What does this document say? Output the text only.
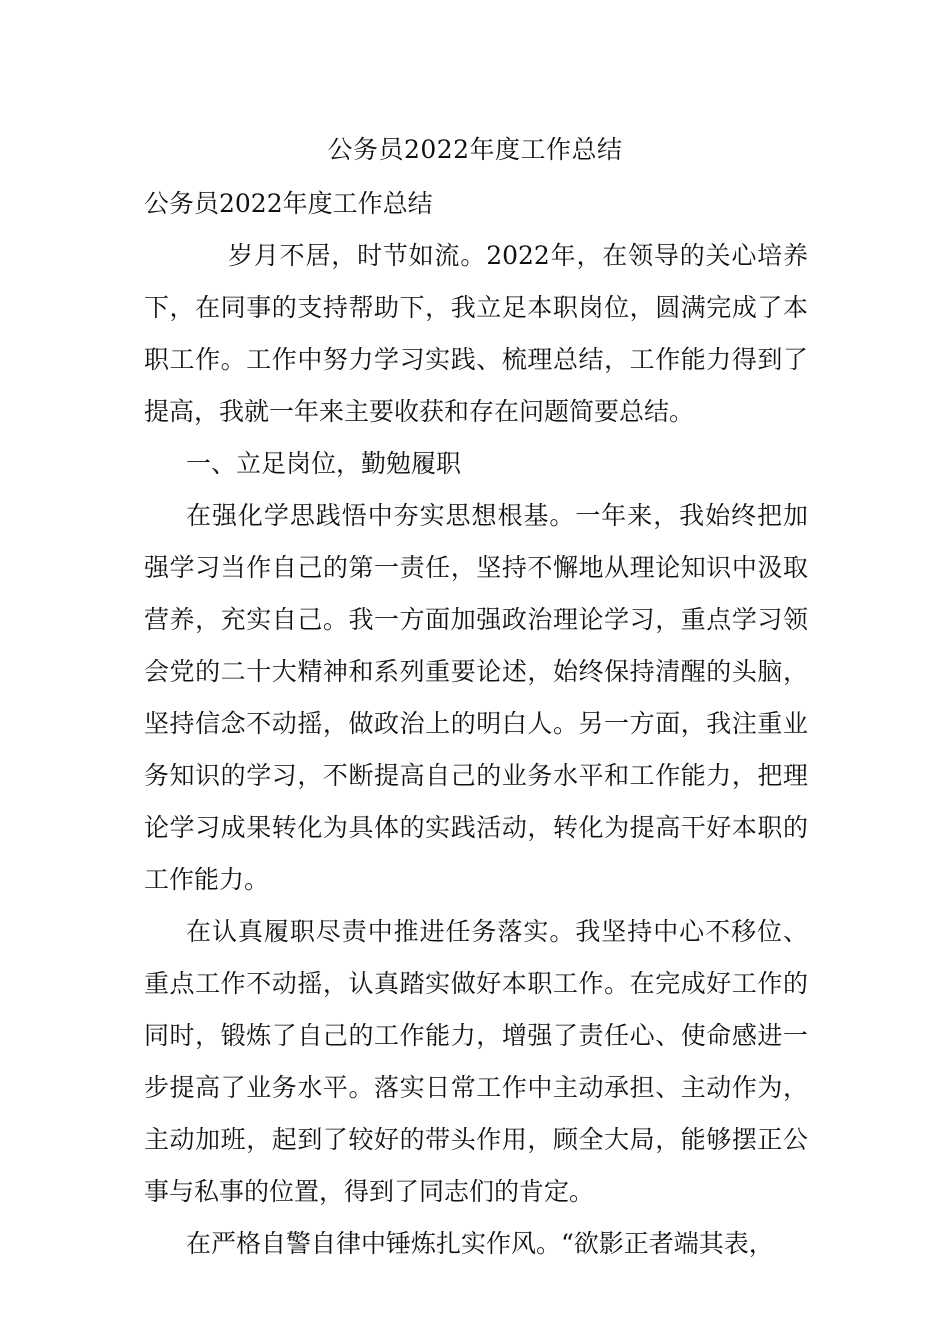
公务员2022年度工作总结

公务员2022年度工作总结

岁月不居，时节如流。2022年，在领导的关心培养下，在同事的支持帮助下，我立足本职岗位，圆满完成了本职工作。工作中努力学习实践、梳理总结，工作能力得到了提高，我就一年来主要收获和存在问题简要总结。

一、立足岗位，勤勉履职

在强化学思践悟中夯实思想根基。一年来，我始终把加强学习当作自己的第一责任，坚持不懈地从理论知识中汲取营养，充实自己。我一方面加强政治理论学习，重点学习领会党的二十大精神和系列重要论述，始终保持清醒的头脑，坚持信念不动摇，做政治上的明白人。另一方面，我注重业务知识的学习，不断提高自己的业务水平和工作能力，把理论学习成果转化为具体的实践活动，转化为提高干好本职的工作能力。

在认真履职尽责中推进任务落实。我坚持中心不移位、重点工作不动摇，认真踏实做好本职工作。在完成好工作的同时，锻炼了自己的工作能力，增强了责任心、使命感进一步提高了业务水平。落实日常工作中主动承担、主动作为，主动加班，起到了较好的带头作用，顾全大局，能够摆正公事与私事的位置，得到了同志们的肯定。

在严格自警自律中锤炼扎实作风。“欲影正者端其表，
